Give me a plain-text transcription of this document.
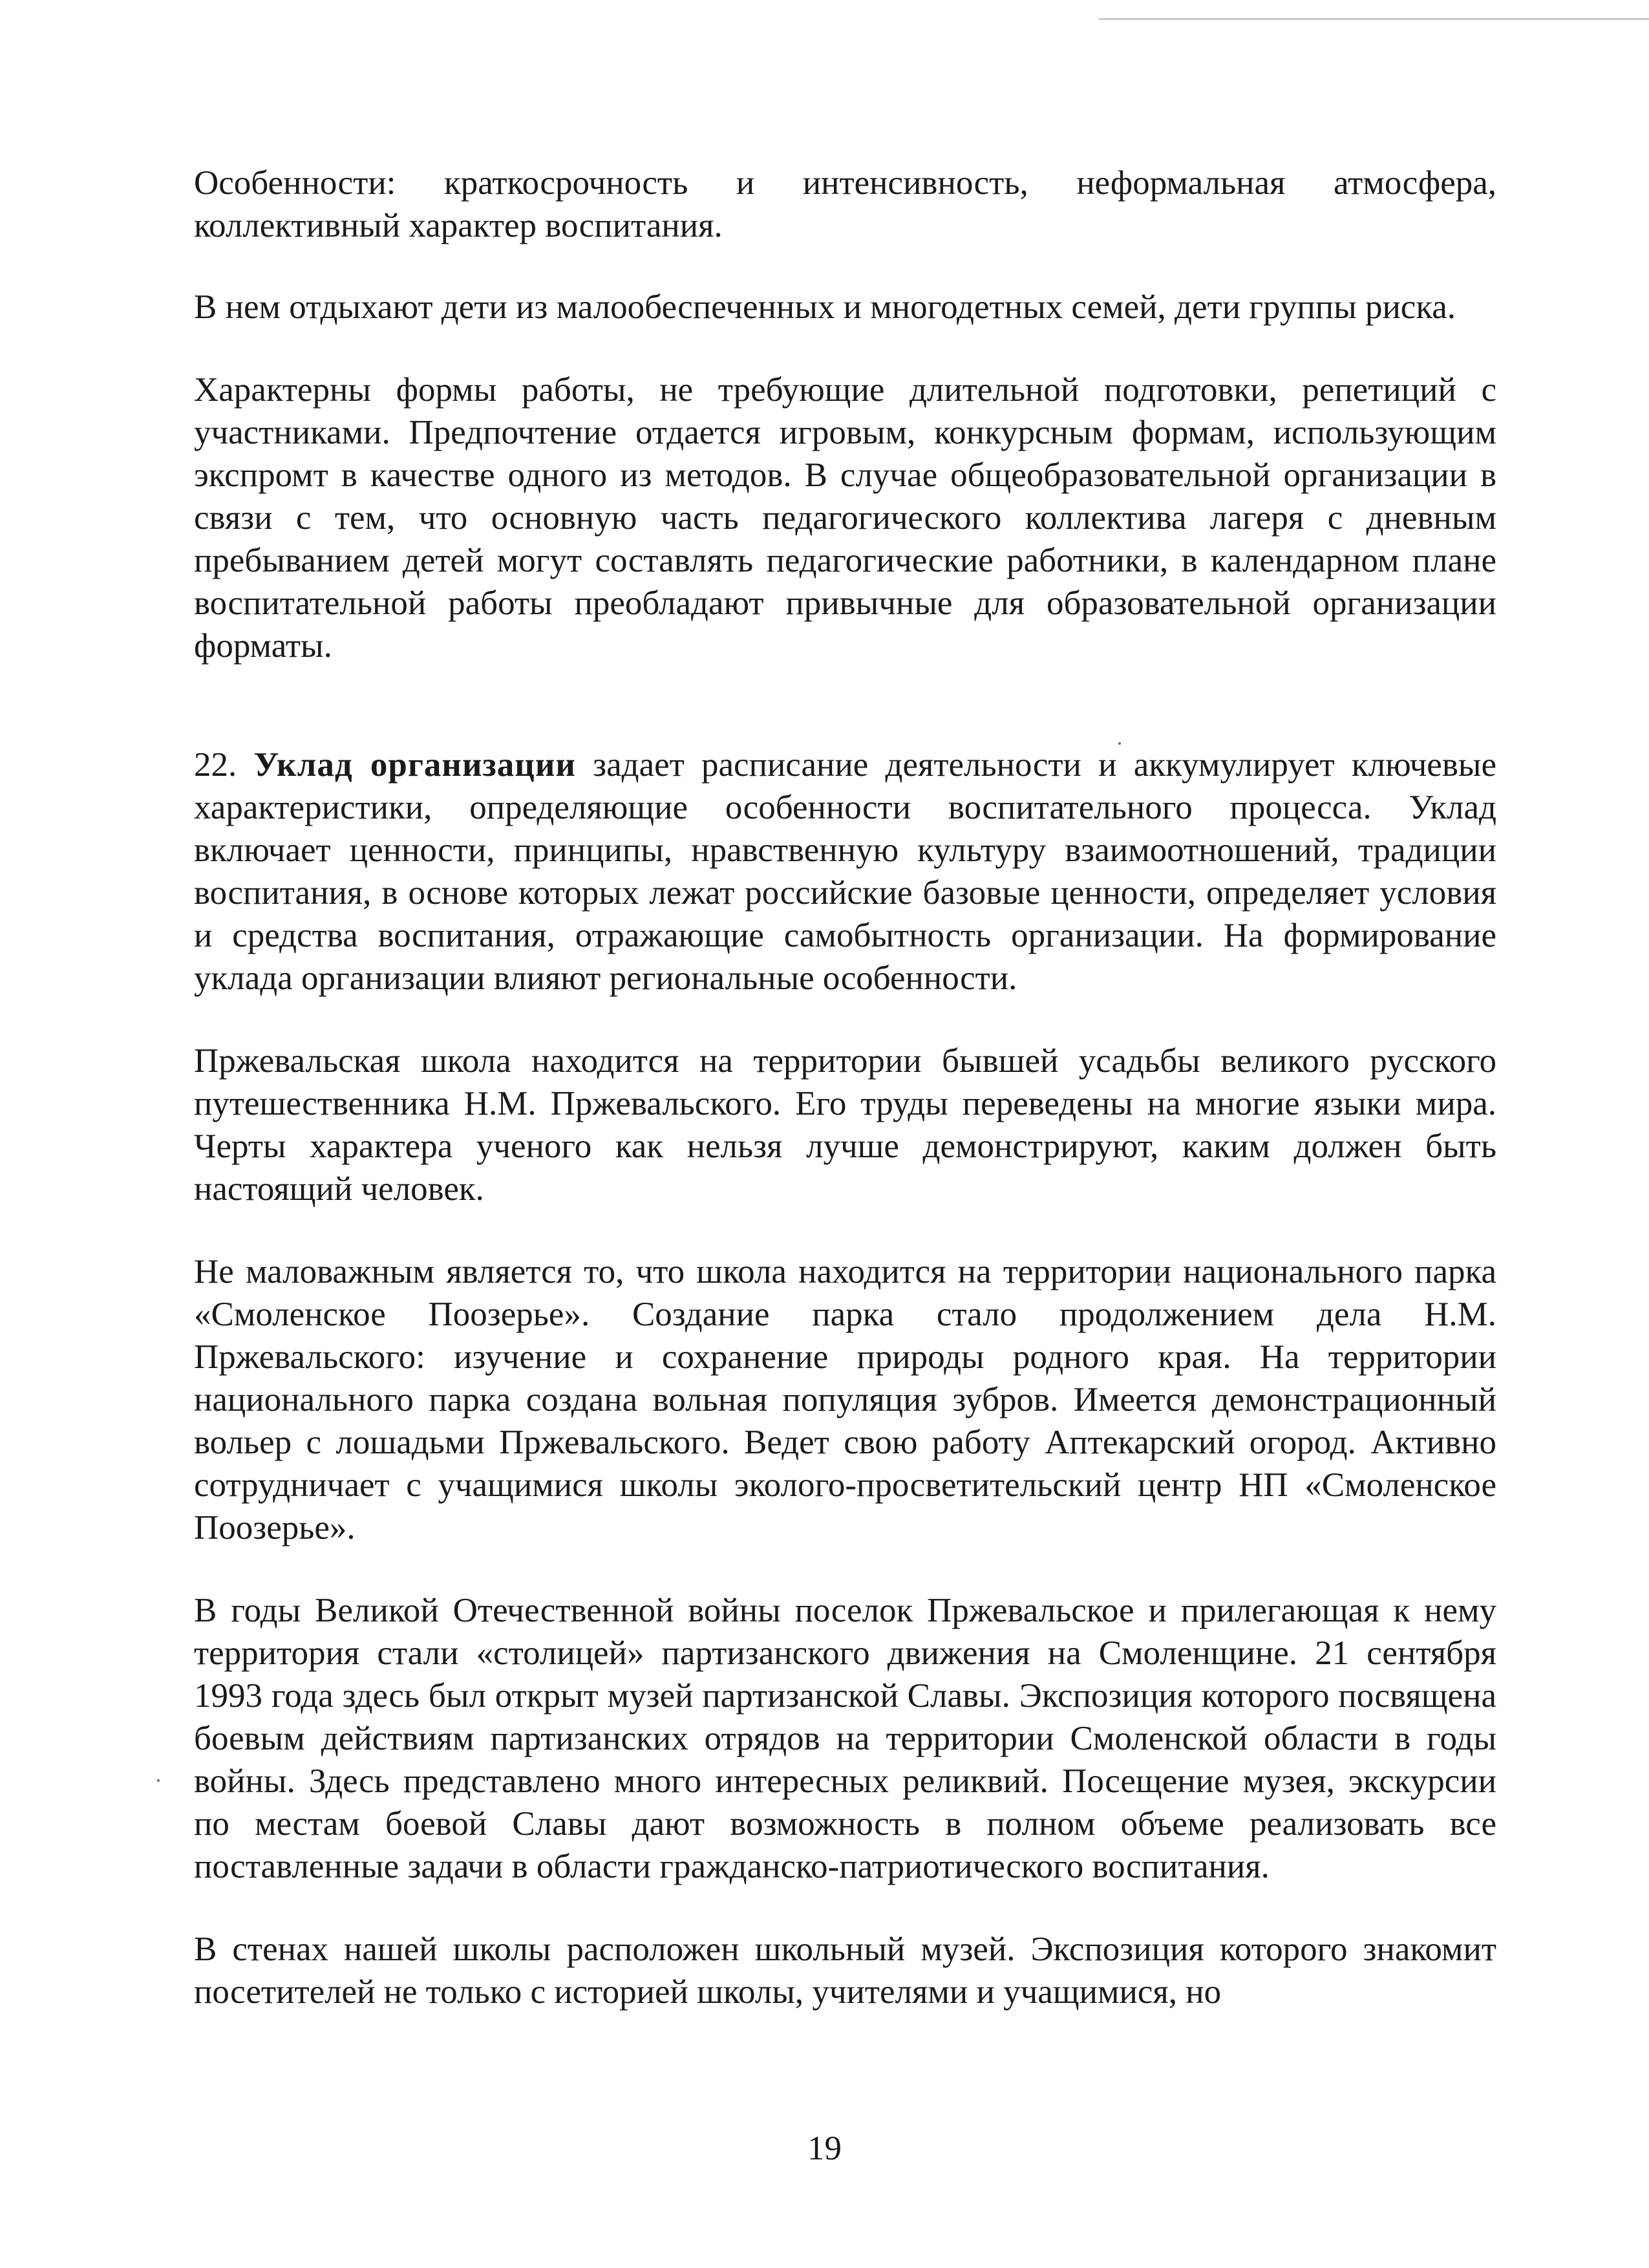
Особенности: краткосрочность и интенсивность, неформальная атмосфера, коллективный характер воспитания.

В нем отдыхают дети из малообеспеченных и многодетных семей, дети группы риска.

Характерны формы работы, не требующие длительной подготовки, репетиций с участниками. Предпочтение отдается игровым, конкурсным формам, использующим экспромт в качестве одного из методов. В случае общеобразовательной организации в связи с тем, что основную часть педагогического коллектива лагеря с дневным пребыванием детей могут составлять педагогические работники, в календарном плане воспитательной работы преобладают привычные для образовательной организации форматы.

22. Уклад организации задает расписание деятельности и аккумулирует ключевые характеристики, определяющие особенности воспитательного процесса. Уклад включает ценности, принципы, нравственную культуру взаимоотношений, традиции воспитания, в основе которых лежат российские базовые ценности, определяет условия и средства воспитания, отражающие самобытность организации. На формирование уклада организации влияют региональные особенности.

Пржевальская школа находится на территории бывшей усадьбы великого русского путешественника Н.М. Пржевальского. Его труды переведены на многие языки мира. Черты характера ученого как нельзя лучше демонстрируют, каким должен быть настоящий человек.

Не маловажным является то, что школа находится на территории национального парка «Смоленское Поозерье». Создание парка стало продолжением дела Н.М. Пржевальского: изучение и сохранение природы родного края. На территории национального парка создана вольная популяция зубров. Имеется демонстрационный вольер с лошадьми Пржевальского. Ведет свою работу Аптекарский огород. Активно сотрудничает с учащимися школы эколого-просветительский центр НП «Смоленское Поозерье».

В годы Великой Отечественной войны поселок Пржевальское и прилегающая к нему территория стали «столицей» партизанского движения на Смоленщине. 21 сентября 1993 года здесь был открыт музей партизанской Славы. Экспозиция которого посвящена боевым действиям партизанских отрядов на территории Смоленской области в годы войны. Здесь представлено много интересных реликвий. Посещение музея, экскурсии по местам боевой Славы дают возможность в полном объеме реализовать все поставленные задачи в области гражданско-патриотического воспитания.

В стенах нашей школы расположен школьный музей. Экспозиция которого знакомит посетителей не только с историей школы, учителями и учащимися, но

19
